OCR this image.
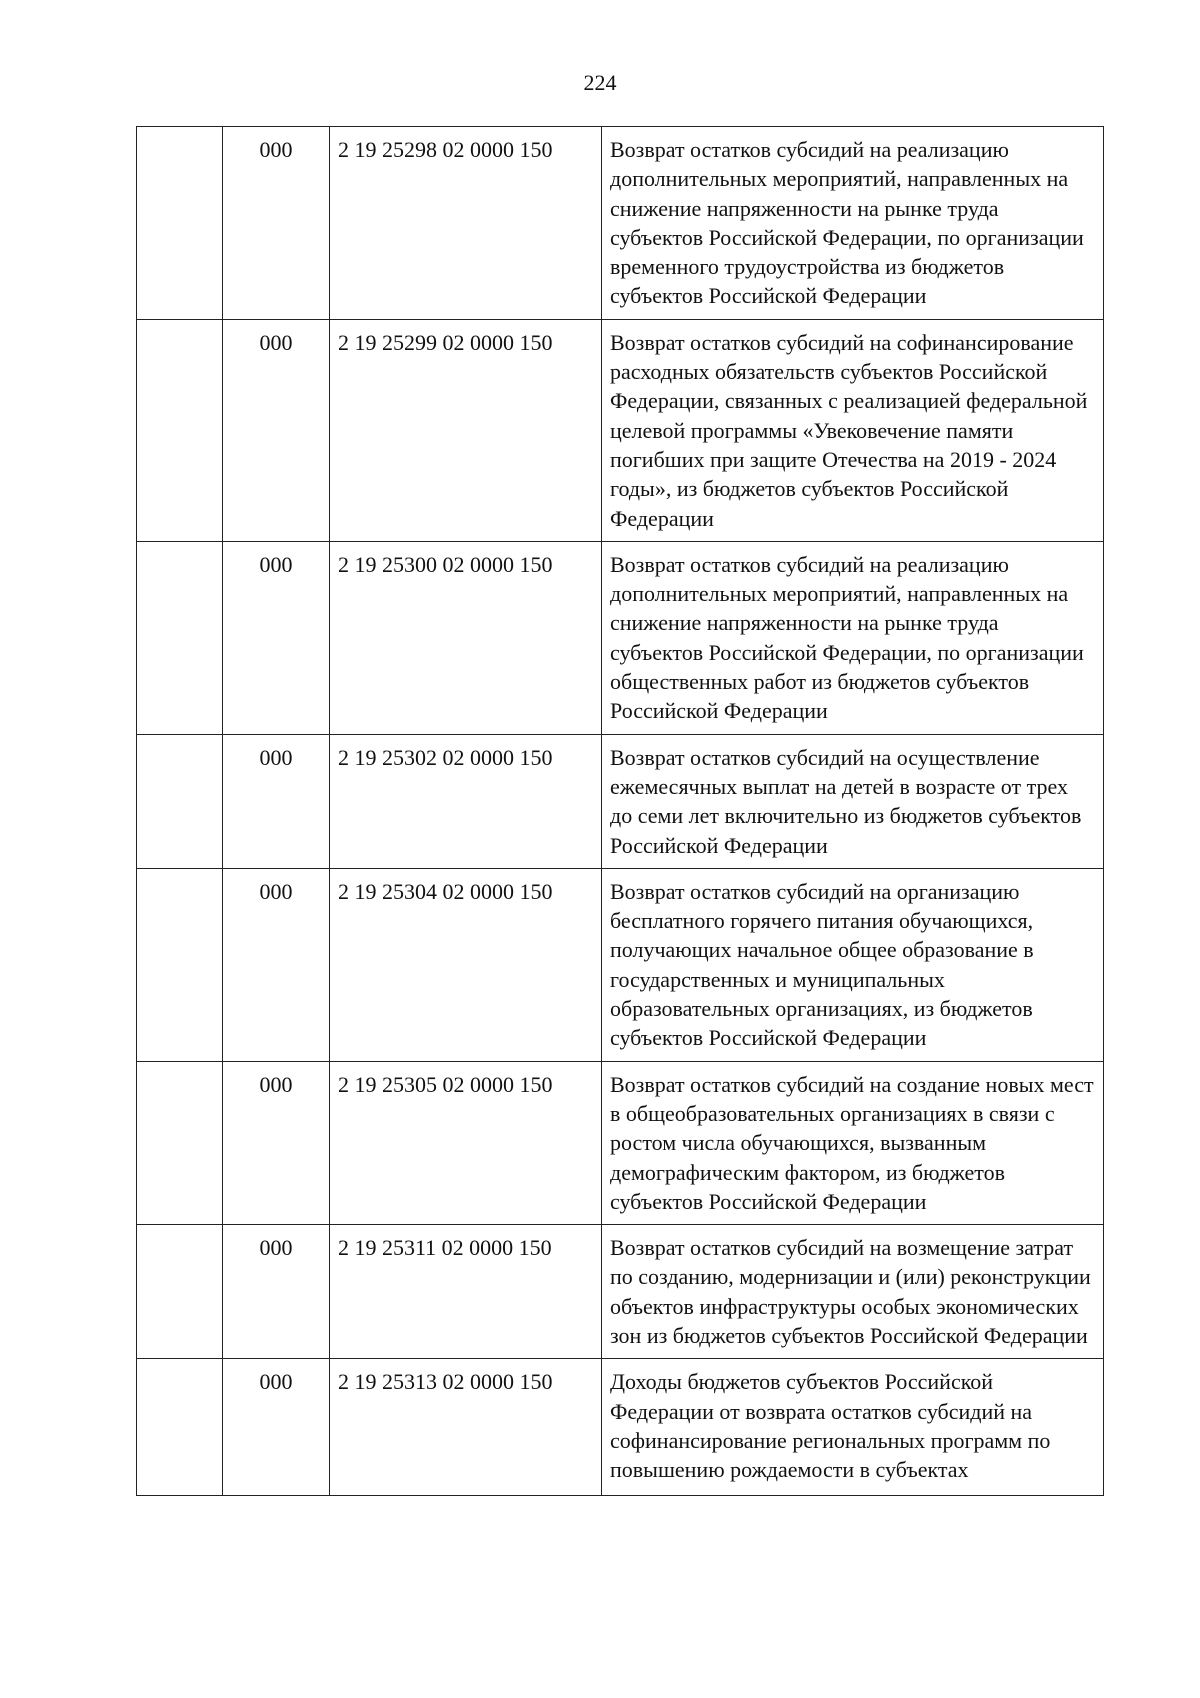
224
	000	2 19 25298 02 0000 150	Возврат остатков субсидий на реализацию дополнительных мероприятий, направленных на снижение напряженности на рынке труда субъектов Российской Федерации, по организации временного трудоустройства из бюджетов субъектов Российской Федерации
	000	2 19 25299 02 0000 150	Возврат остатков субсидий на софинансирование расходных обязательств субъектов Российской Федерации, связанных с реализацией федеральной целевой программы «Увековечение памяти погибших при защите Отечества на 2019 - 2024 годы», из бюджетов субъектов Российской Федерации
	000	2 19 25300 02 0000 150	Возврат остатков субсидий на реализацию дополнительных мероприятий, направленных на снижение напряженности на рынке труда субъектов Российской Федерации, по организации общественных работ из бюджетов субъектов Российской Федерации
	000	2 19 25302 02 0000 150	Возврат остатков субсидий на осуществление ежемесячных выплат на детей в возрасте от трех до семи лет включительно из бюджетов субъектов Российской Федерации
	000	2 19 25304 02 0000 150	Возврат остатков субсидий на организацию бесплатного горячего питания обучающихся, получающих начальное общее образование в государственных и муниципальных образовательных организациях, из бюджетов субъектов Российской Федерации
	000	2 19 25305 02 0000 150	Возврат остатков субсидий на создание новых мест в общеобразовательных организациях в связи с ростом числа обучающихся, вызванным демографическим фактором, из бюджетов субъектов Российской Федерации
	000	2 19 25311 02 0000 150	Возврат остатков субсидий на возмещение затрат по созданию, модернизации и (или) реконструкции объектов инфраструктуры особых экономических зон из бюджетов субъектов Российской Федерации
	000	2 19 25313 02 0000 150	Доходы бюджетов субъектов Российской Федерации от возврата остатков субсидий на софинансирование региональных программ по повышению рождаемости в субъектах
